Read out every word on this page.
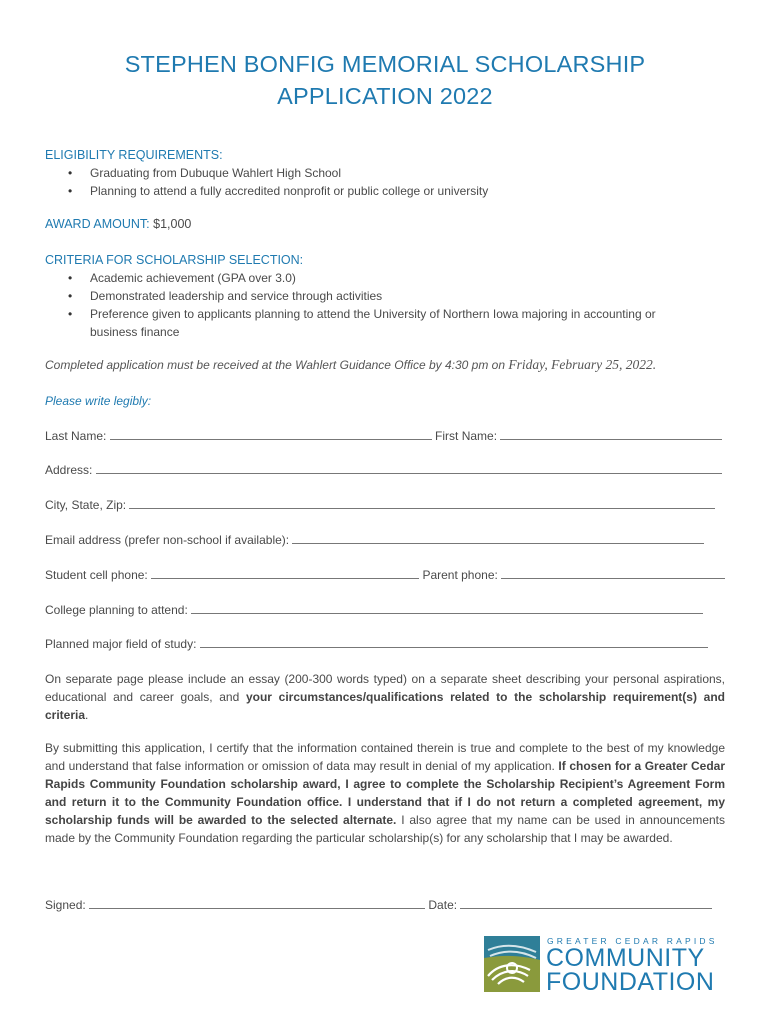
STEPHEN BONFIG MEMORIAL SCHOLARSHIP
APPLICATION 2022
ELIGIBILITY REQUIREMENTS:
• Graduating from Dubuque Wahlert High School
• Planning to attend a fully accredited nonprofit or public college or university
AWARD AMOUNT: $1,000
CRITERIA FOR SCHOLARSHIP SELECTION:
• Academic achievement (GPA over 3.0)
• Demonstrated leadership and service through activities
• Preference given to applicants planning to attend the University of Northern Iowa majoring in accounting or business finance
Completed application must be received at the Wahlert Guidance Office by 4:30 pm on Friday, February 25, 2022.
Please write legibly:
Last Name:	First Name:
Address:
City, State, Zip:
Email address (prefer non-school if available):
Student cell phone:	Parent phone:
College planning to attend:
Planned major field of study:
On separate page please include an essay (200-300 words typed) on a separate sheet describing your personal aspirations, educational and career goals, and your circumstances/qualifications related to the scholarship requirement(s) and criteria.
By submitting this application, I certify that the information contained therein is true and complete to the best of my knowledge and understand that false information or omission of data may result in denial of my application. If chosen for a Greater Cedar Rapids Community Foundation scholarship award, I agree to complete the Scholarship Recipient’s Agreement Form and return it to the Community Foundation office. I understand that if I do not return a completed agreement, my scholarship funds will be awarded to the selected alternate. I also agree that my name can be used in announcements made by the Community Foundation regarding the particular scholarship(s) for any scholarship that I may be awarded.
Signed:	Date:
GREATER CEDAR RAPIDS
COMMUNITY
FOUNDATION
